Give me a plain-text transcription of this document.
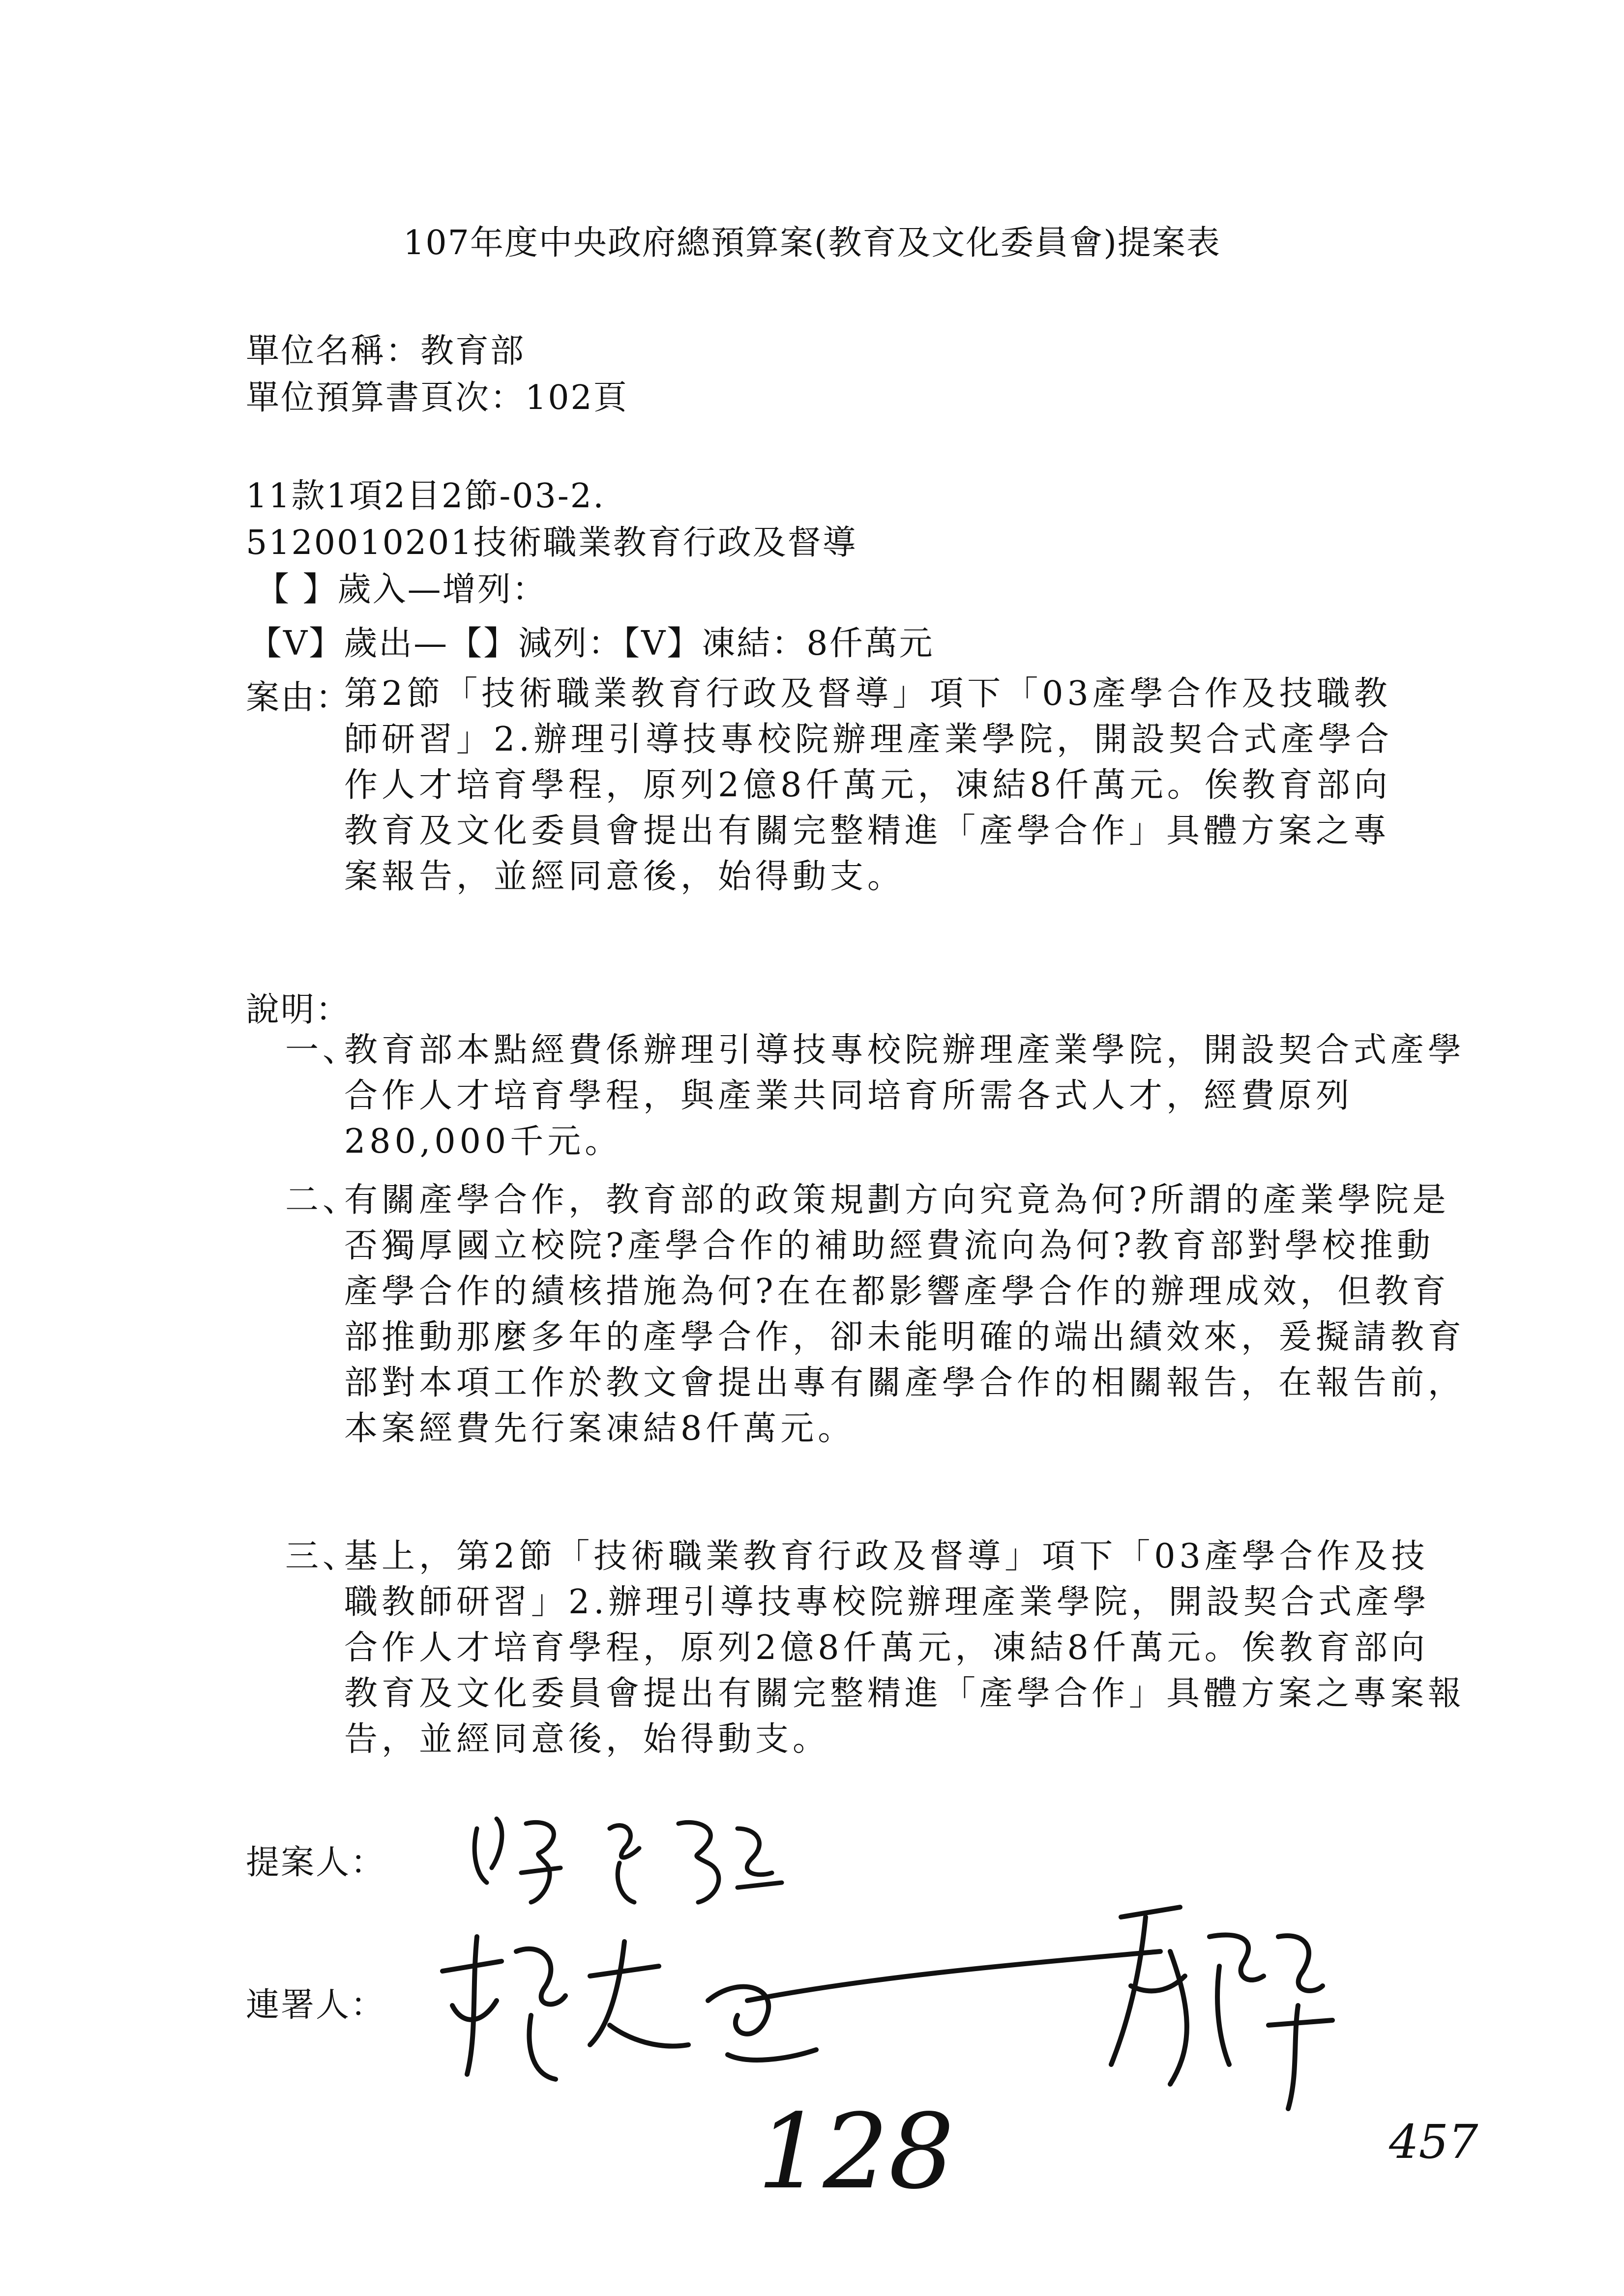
107年度中央政府總預算案(教育及文化委員會)提案表
單位名稱：教育部
單位預算書頁次：102頁
11款1項2目2節-03-2.
5120010201技術職業教育行政及督導
【 】歲入—增列：
【V】歲出—【】減列：【V】凍結：8仟萬元
案由：
第2節「技術職業教育行政及督導」項下「03產學合作及技職教師研習」2.辦理引導技專校院辦理產業學院，開設契合式產學合作人才培育學程，原列2億8仟萬元，凍結8仟萬元。俟教育部向教育及文化委員會提出有關完整精進「產學合作」具體方案之專案報告，並經同意後，始得動支。
說明：
一、
教育部本點經費係辦理引導技專校院辦理產業學院，開設契合式產學合作人才培育學程，與產業共同培育所需各式人才，經費原列280,000千元。
二、
有關產學合作，教育部的政策規劃方向究竟為何?所謂的產業學院是否獨厚國立校院?產學合作的補助經費流向為何?教育部對學校推動產學合作的績核措施為何?在在都影響產學合作的辦理成效，但教育部推動那麼多年的產學合作，卻未能明確的端出績效來，爰擬請教育部對本項工作於教文會提出專有關產學合作的相關報告，在報告前，本案經費先行案凍結8仟萬元。
三、
基上，第2節「技術職業教育行政及督導」項下「03產學合作及技職教師研習」2.辦理引導技專校院辦理產業學院，開設契合式產學合作人才培育學程，原列2億8仟萬元，凍結8仟萬元。俟教育部向教育及文化委員會提出有關完整精進「產學合作」具體方案之專案報告，並經同意後，始得動支。
提案人：
連署人：
128	457
